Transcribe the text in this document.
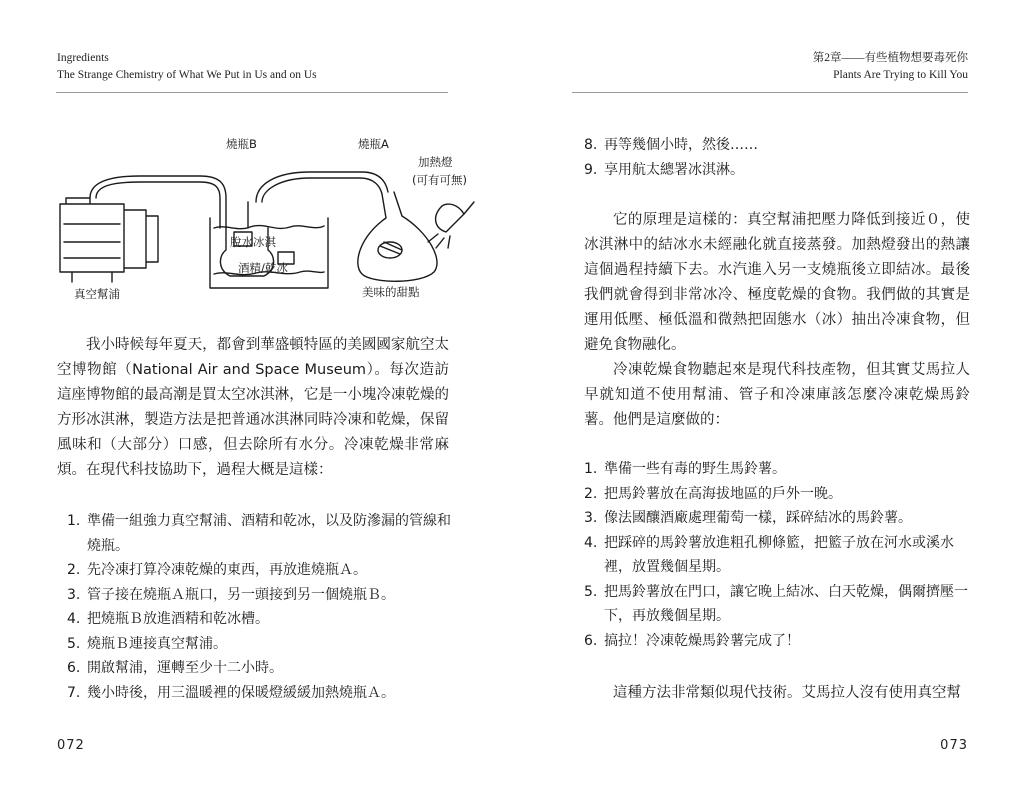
Ingredients
The Strange Chemistry of What We Put in Us and on Us
燒瓶B	燒瓶A
加熱燈
(可有可無)
脫水冰淇
酒精/乾冰
真空幫浦	美味的甜點

我小時候每年夏天，都會到華盛頓特區的美國國家航空太空博物館（National Air and Space Museum）。每次造訪這座博物館的最高潮是買太空冰淇淋，它是一小塊冷凍乾燥的方形冰淇淋，製造方法是把普通冰淇淋同時冷凍和乾燥，保留風味和（大部分）口感，但去除所有水分。冷凍乾燥非常麻煩。在現代科技協助下，過程大概是這樣：

1. 準備一組強力真空幫浦、酒精和乾冰，以及防滲漏的管線和燒瓶。
2. 先冷凍打算冷凍乾燥的東西，再放進燒瓶Ａ。
3. 管子接在燒瓶Ａ瓶口，另一頭接到另一個燒瓶Ｂ。
4. 把燒瓶Ｂ放進酒精和乾冰槽。
5. 燒瓶Ｂ連接真空幫浦。
6. 開啟幫浦，運轉至少十二小時。
7. 幾小時後，用三溫暖裡的保暖燈緩緩加熱燒瓶Ａ。
072
第2章——有些植物想要毒死你
Plants Are Trying to Kill You
8. 再等幾個小時，然後……
9. 享用航太總署冰淇淋。

它的原理是這樣的：真空幫浦把壓力降低到接近０，使冰淇淋中的結冰水未經融化就直接蒸發。加熱燈發出的熱讓這個過程持續下去。水汽進入另一支燒瓶後立即結冰。最後我們就會得到非常冰冷、極度乾燥的食物。我們做的其實是運用低壓、極低溫和微熱把固態水（冰）抽出冷凍食物，但避免食物融化。

冷凍乾燥食物聽起來是現代科技產物，但其實艾馬拉人早就知道不使用幫浦、管子和冷凍庫該怎麼冷凍乾燥馬鈴薯。他們是這麼做的：

1. 準備一些有毒的野生馬鈴薯。
2. 把馬鈴薯放在高海拔地區的戶外一晚。
3. 像法國釀酒廠處理葡萄一樣，踩碎結冰的馬鈴薯。
4. 把踩碎的馬鈴薯放進粗孔柳條籃，把籃子放在河水或溪水裡，放置幾個星期。
5. 把馬鈴薯放在門口，讓它晚上結冰、白天乾燥，偶爾擠壓一下，再放幾個星期。
6. 搞拉！冷凍乾燥馬鈴薯完成了！

這種方法非常類似現代技術。艾馬拉人沒有使用真空幫

073
